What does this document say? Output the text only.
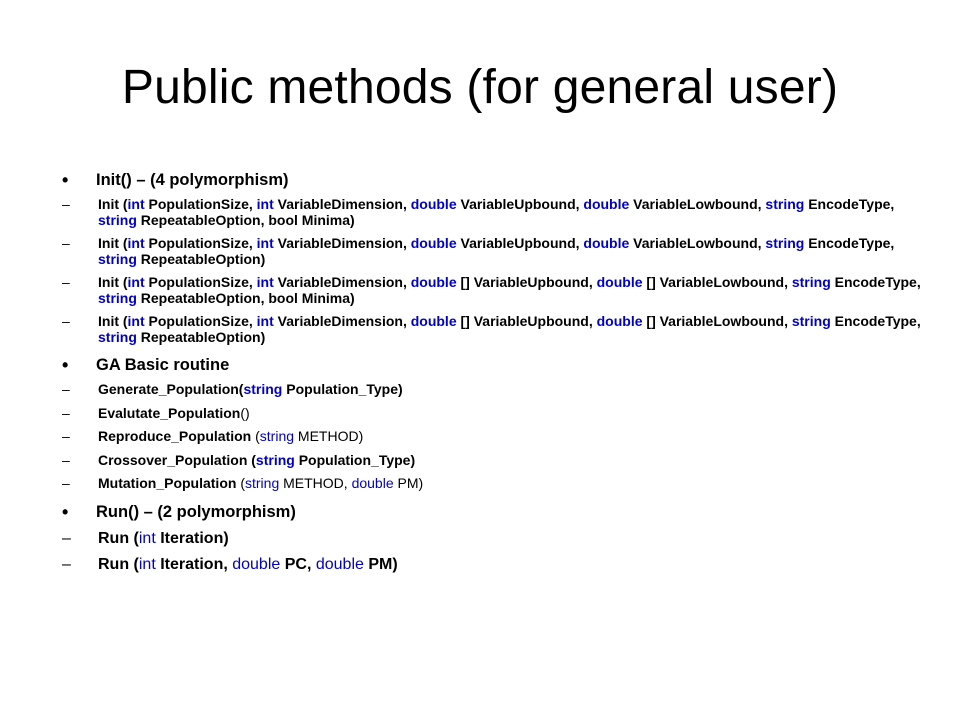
Public methods (for general user)
• Init() – (4 polymorphism)
– Init (int PopulationSize, int VariableDimension, double VariableUpbound, double VariableLowbound, string EncodeType, string RepeatableOption, bool Minima)
– Init (int PopulationSize, int VariableDimension, double VariableUpbound, double VariableLowbound, string EncodeType, string RepeatableOption)
– Init (int PopulationSize, int VariableDimension, double [] VariableUpbound, double [] VariableLowbound, string EncodeType, string RepeatableOption, bool Minima)
– Init (int PopulationSize, int VariableDimension, double [] VariableUpbound, double [] VariableLowbound, string EncodeType, string RepeatableOption)
• GA Basic routine
– Generate_Population(string Population_Type)
– Evalutate_Population()
– Reproduce_Population (string METHOD)
– Crossover_Population (string Population_Type)
– Mutation_Population (string METHOD, double PM)
• Run() – (2 polymorphism)
– Run (int Iteration)
– Run (int Iteration, double PC, double PM)
